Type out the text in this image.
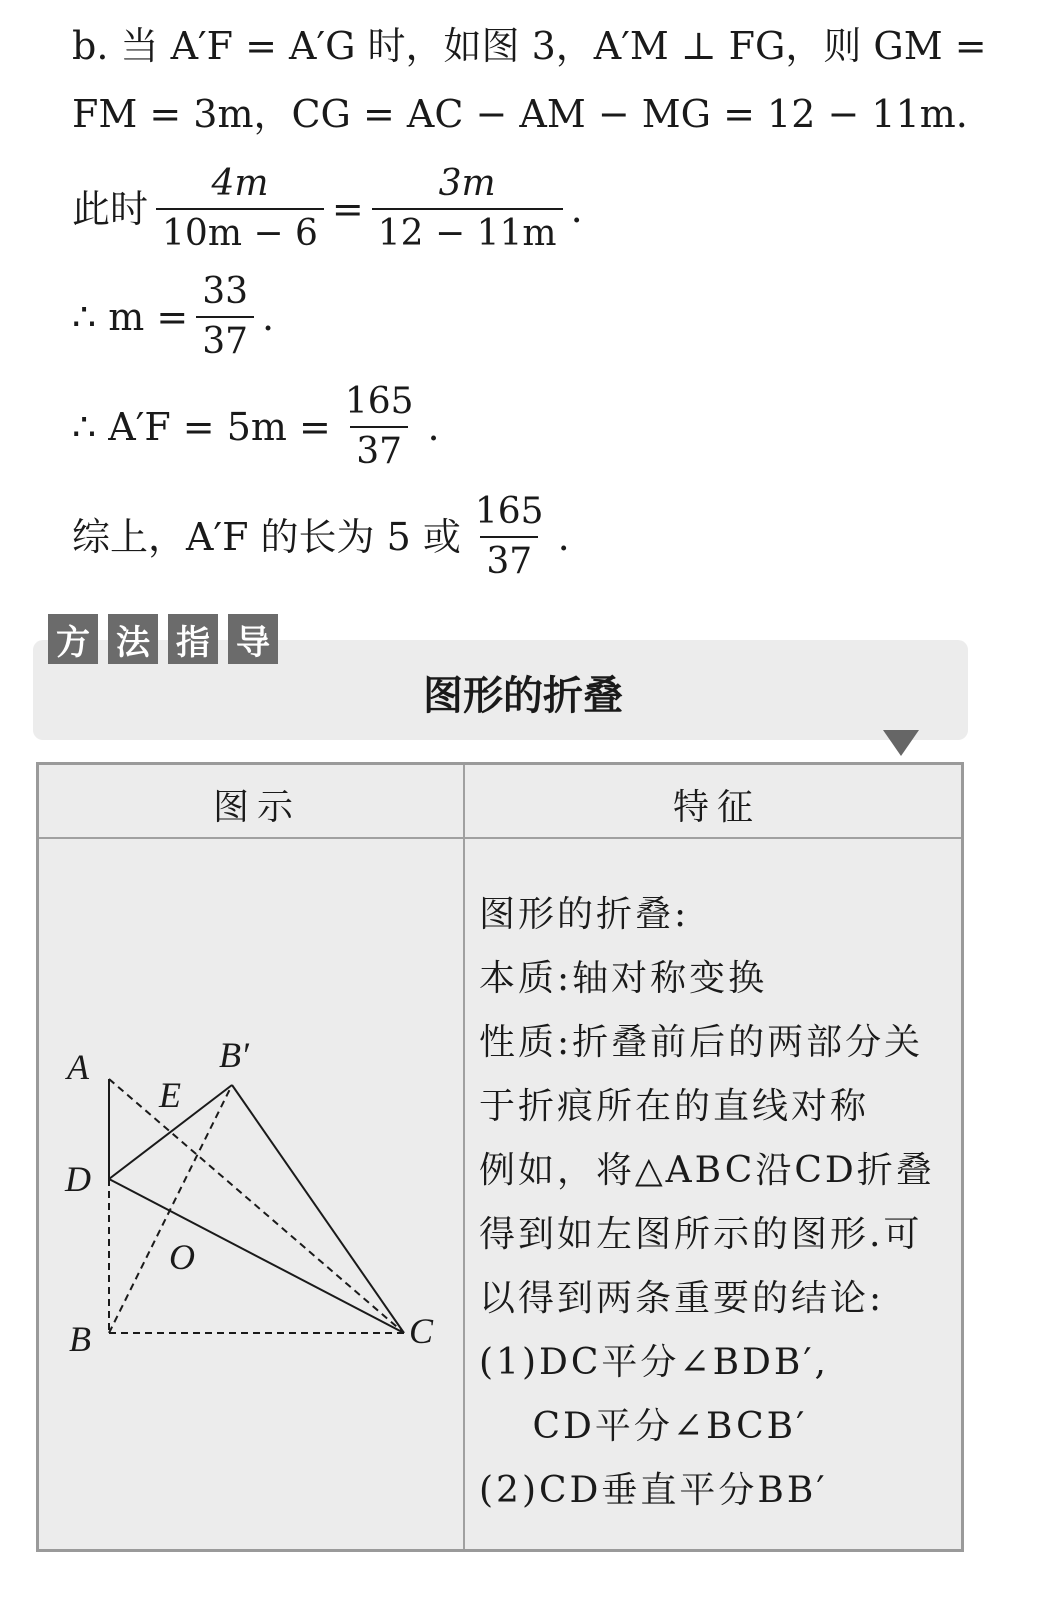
b. 当 A′F = A′G 时，如图 3，A′M ⊥ FG，则 GM =
FM = 3m，CG = AC − AM − MG = 12 − 11m.
此时 $\frac{4m}{10m - 6} = \frac{3m}{12 - 11m}$ .
∴ $m = \frac{33}{37}$ .
∴ $A'F = 5m = \frac{165}{37}$ .
综上，A′F 的长为 5 或 $\frac{165}{37}$ .
方 法 指 导
图形的折叠
图示	特征
A	B′
E
D
O
B	C
图形的折叠:
本质:轴对称变换
性质:折叠前后的两部分关
于折痕所在的直线对称
例如，将△ABC沿CD折叠
得到如左图所示的图形.可
以得到两条重要的结论:
(1)DC平分∠BDB′,
　 CD平分∠BCB′
(2)CD垂直平分BB′
